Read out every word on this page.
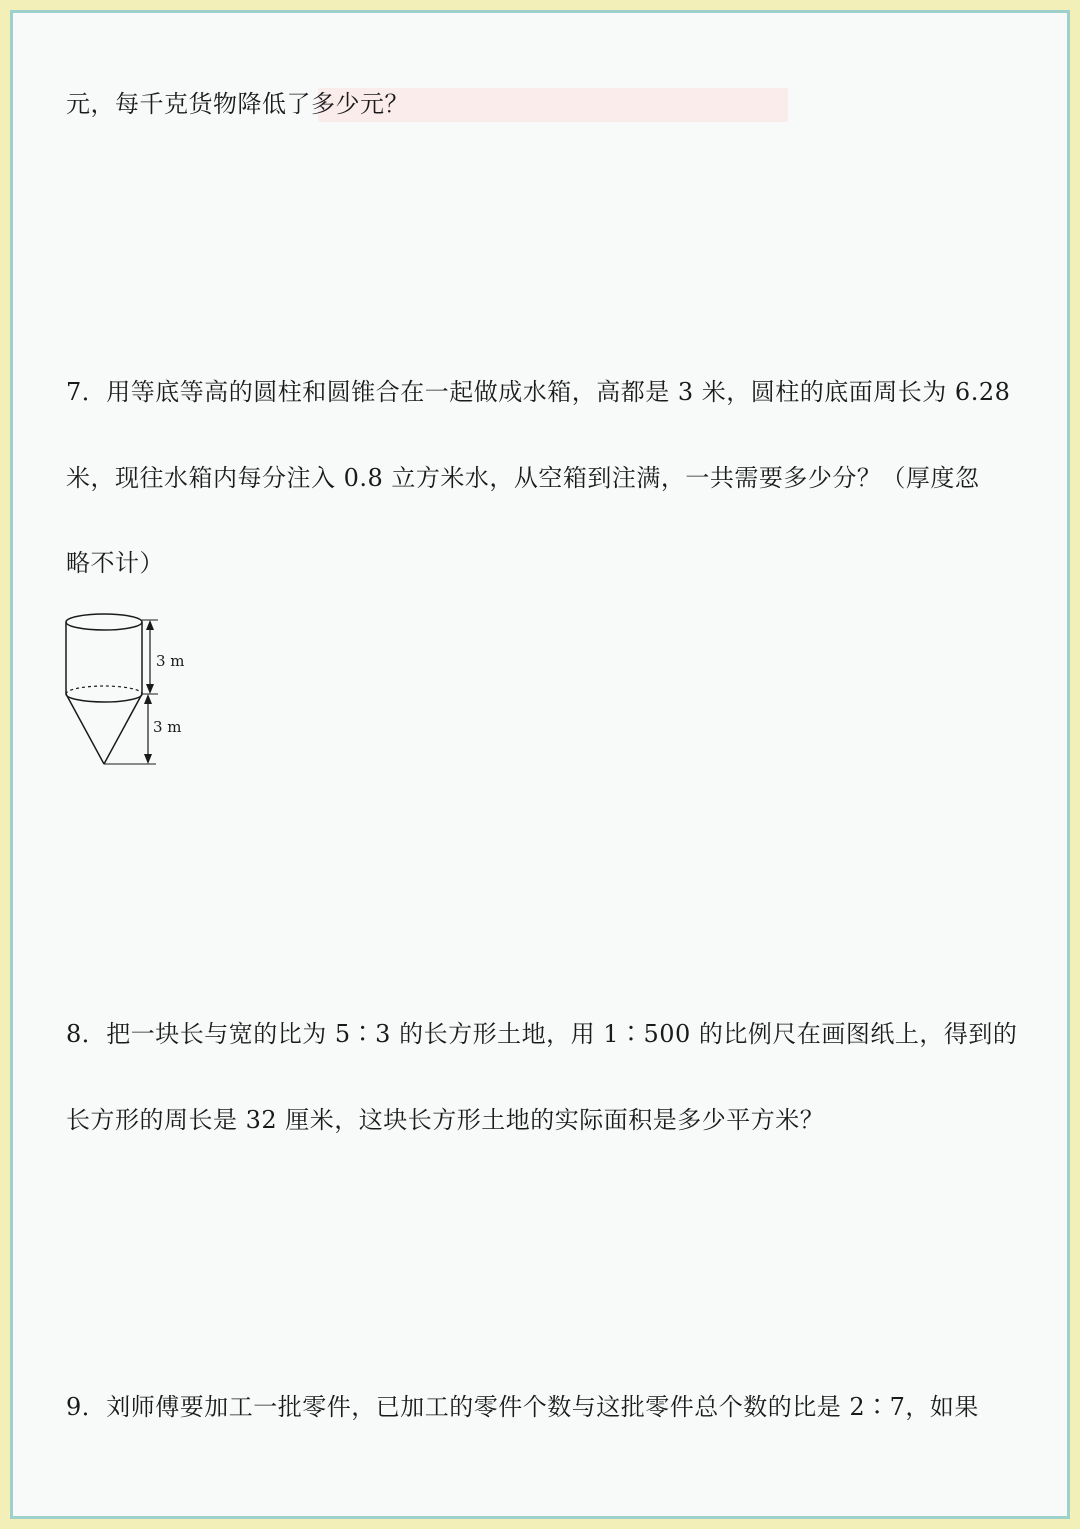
元，每千克货物降低了多少元？
7．用等底等高的圆柱和圆锥合在一起做成水箱，高都是 3 米，圆柱的底面周长为 6.28
米，现往水箱内每分注入 0.8 立方米水，从空箱到注满，一共需要多少分？（厚度忽
略不计）
3 m
3 m
8．把一块长与宽的比为 5∶3 的长方形土地，用 1∶500 的比例尺在画图纸上，得到的
长方形的周长是 32 厘米，这块长方形土地的实际面积是多少平方米？
9．刘师傅要加工一批零件，已加工的零件个数与这批零件总个数的比是 2∶7，如果
